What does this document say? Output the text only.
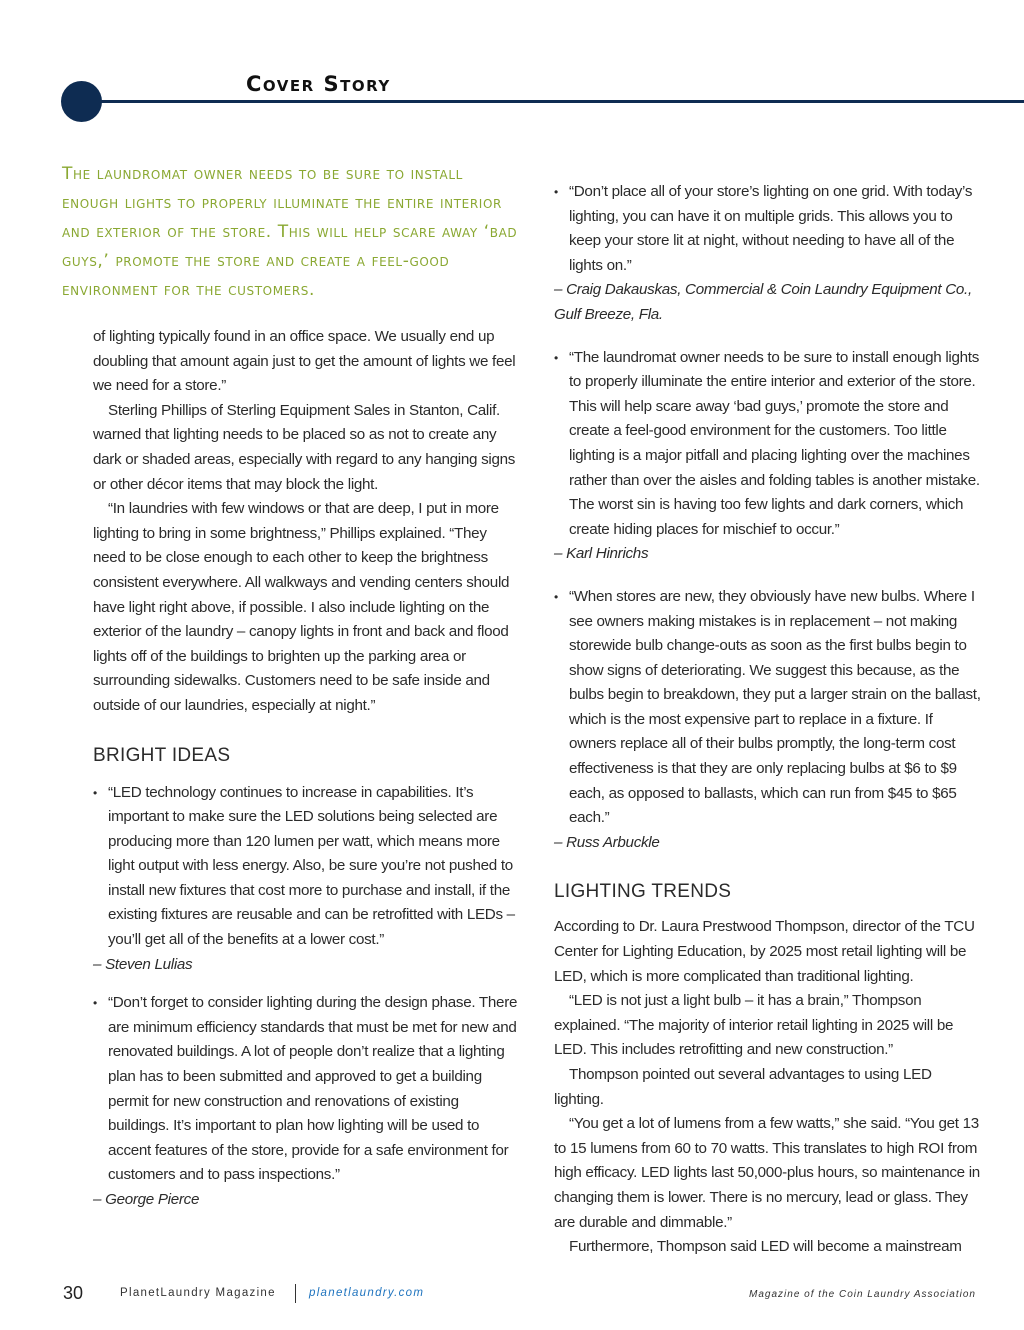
Cover Story
The laundromat owner needs to be sure to install enough lights to properly illuminate the entire interior and exterior of the store. This will help scare away ‘bad guys,’ promote the store and create a feel-good environment for the customers.

of lighting typically found in an office space. We usually end up doubling that amount again just to get the amount of lights we feel we need for a store.”

Sterling Phillips of Sterling Equipment Sales in Stanton, Calif. warned that lighting needs to be placed so as not to create any dark or shaded areas, especially with regard to any hanging signs or other décor items that may block the light.

“In laundries with few windows or that are deep, I put in more lighting to bring in some brightness,” Phillips explained. “They need to be close enough to each other to keep the brightness consistent everywhere. All walkways and vending centers should have light right above, if possible. I also include lighting on the exterior of the laundry – canopy lights in front and back and flood lights off of the buildings to brighten up the parking area or surrounding sidewalks. Customers need to be safe inside and outside of our laundries, especially at night.”

BRIGHT IDEAS

• “LED technology continues to increase in capabilities. It’s important to make sure the LED solutions being selected are producing more than 120 lumen per watt, which means more light output with less energy. Also, be sure you’re not pushed to install new fixtures that cost more to purchase and install, if the existing fixtures are reusable and can be retrofitted with LEDs – you’ll get all of the benefits at a lower cost.”

– Steven Lulias

• “Don’t forget to consider lighting during the design phase. There are minimum efficiency standards that must be met for new and renovated buildings. A lot of people don’t realize that a lighting plan has to been submitted and approved to get a building permit for new construction and renovations of existing buildings. It’s important to plan how lighting will be used to accent features of the store, provide for a safe environment for customers and to pass inspections.”

– George Pierce

• “Don’t place all of your store’s lighting on one grid. With today’s lighting, you can have it on multiple grids. This allows you to keep your store lit at night, without needing to have all of the lights on.”

– Craig Dakauskas, Commercial & Coin Laundry Equipment Co., Gulf Breeze, Fla.

• “The laundromat owner needs to be sure to install enough lights to properly illuminate the entire interior and exterior of the store. This will help scare away ‘bad guys,’ promote the store and create a feel-good environment for the customers. Too little lighting is a major pitfall and placing lighting over the machines rather than over the aisles and folding tables is another mistake. The worst sin is having too few lights and dark corners, which create hiding places for mischief to occur.”

– Karl Hinrichs

• “When stores are new, they obviously have new bulbs. Where I see owners making mistakes is in replacement – not making storewide bulb change-outs as soon as the first bulbs begin to show signs of deteriorating. We suggest this because, as the bulbs begin to breakdown, they put a larger strain on the ballast, which is the most expensive part to replace in a fixture. If owners replace all of their bulbs promptly, the long-term cost effectiveness is that they are only replacing bulbs at $6 to $9 each, as opposed to ballasts, which can run from $45 to $65 each.”

– Russ Arbuckle

LIGHTING TRENDS

According to Dr. Laura Prestwood Thompson, director of the TCU Center for Lighting Education, by 2025 most retail lighting will be LED, which is more complicated than traditional lighting.

“LED is not just a light bulb – it has a brain,” Thompson explained. “The majority of interior retail lighting in 2025 will be LED. This includes retrofitting and new construction.”

Thompson pointed out several advantages to using LED lighting.

“You get a lot of lumens from a few watts,” she said. “You get 13 to 15 lumens from 60 to 70 watts. This translates to high ROI from high efficacy. LED lights last 50,000-plus hours, so maintenance in changing them is lower. There is no mercury, lead or glass. They are durable and dimmable.”

Furthermore, Thompson said LED will become a mainstream

30	PlanetLaundry Magazine	planetlaundry.com	Magazine of the Coin Laundry Association
